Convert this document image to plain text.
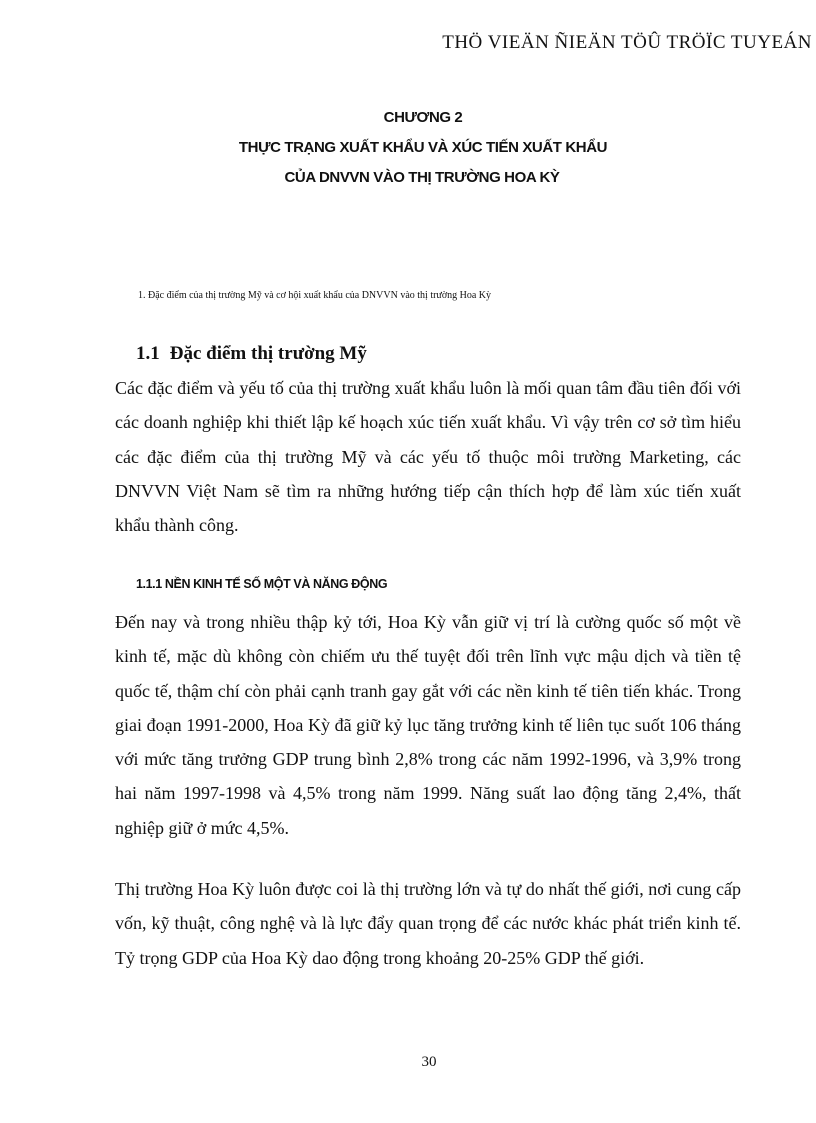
THÖ VIEÄN ÑIEÄN TÖÛ TRÖÏC TUYEÁN
CHƯƠNG 2
THỰC TRẠNG XUẤT KHẨU VÀ XÚC TIẾN XUẤT KHẨU
CỦA DNVVN VÀO THỊ TRƯỜNG HOA KỲ
1. Đặc điểm của thị trường Mỹ và cơ hội xuất khẩu của DNVVN vào thị trường Hoa Kỳ
1.1 Đặc điểm thị trường Mỹ

Các đặc điểm và yếu tố của thị trường xuất khẩu luôn là mối quan tâm đầu tiên đối với các doanh nghiệp khi thiết lập kế hoạch xúc tiến xuất khẩu. Vì vậy trên cơ sở tìm hiểu các đặc điểm của thị trường Mỹ và các yếu tố thuộc môi trường Marketing, các DNVVN Việt Nam sẽ tìm ra những hướng tiếp cận thích hợp để làm xúc tiến xuất khẩu thành công.

1.1.1 NỀN KINH TẾ SỐ MỘT VÀ NĂNG ĐỘNG

Đến nay và trong nhiều thập kỷ tới, Hoa Kỳ vẫn giữ vị trí là cường quốc số một về kinh tế, mặc dù không còn chiếm ưu thế tuyệt đối trên lĩnh vực mậu dịch và tiền tệ quốc tế, thậm chí còn phải cạnh tranh gay gắt với các nền kinh tế tiên tiến khác. Trong giai đoạn 1991-2000, Hoa Kỳ đã giữ kỷ lục tăng trưởng kinh tế liên tục suốt 106 tháng với mức tăng trưởng GDP trung bình 2,8% trong các năm 1992-1996, và 3,9% trong hai năm 1997-1998 và 4,5% trong năm 1999. Năng suất lao động tăng 2,4%, thất nghiệp giữ ở mức 4,5%.

Thị trường Hoa Kỳ luôn được coi là thị trường lớn và tự do nhất thế giới, nơi cung cấp vốn, kỹ thuật, công nghệ và là lực đẩy quan trọng để các nước khác phát triển kinh tế. Tỷ trọng GDP của Hoa Kỳ dao động trong khoảng 20-25% GDP thế giới.

30
